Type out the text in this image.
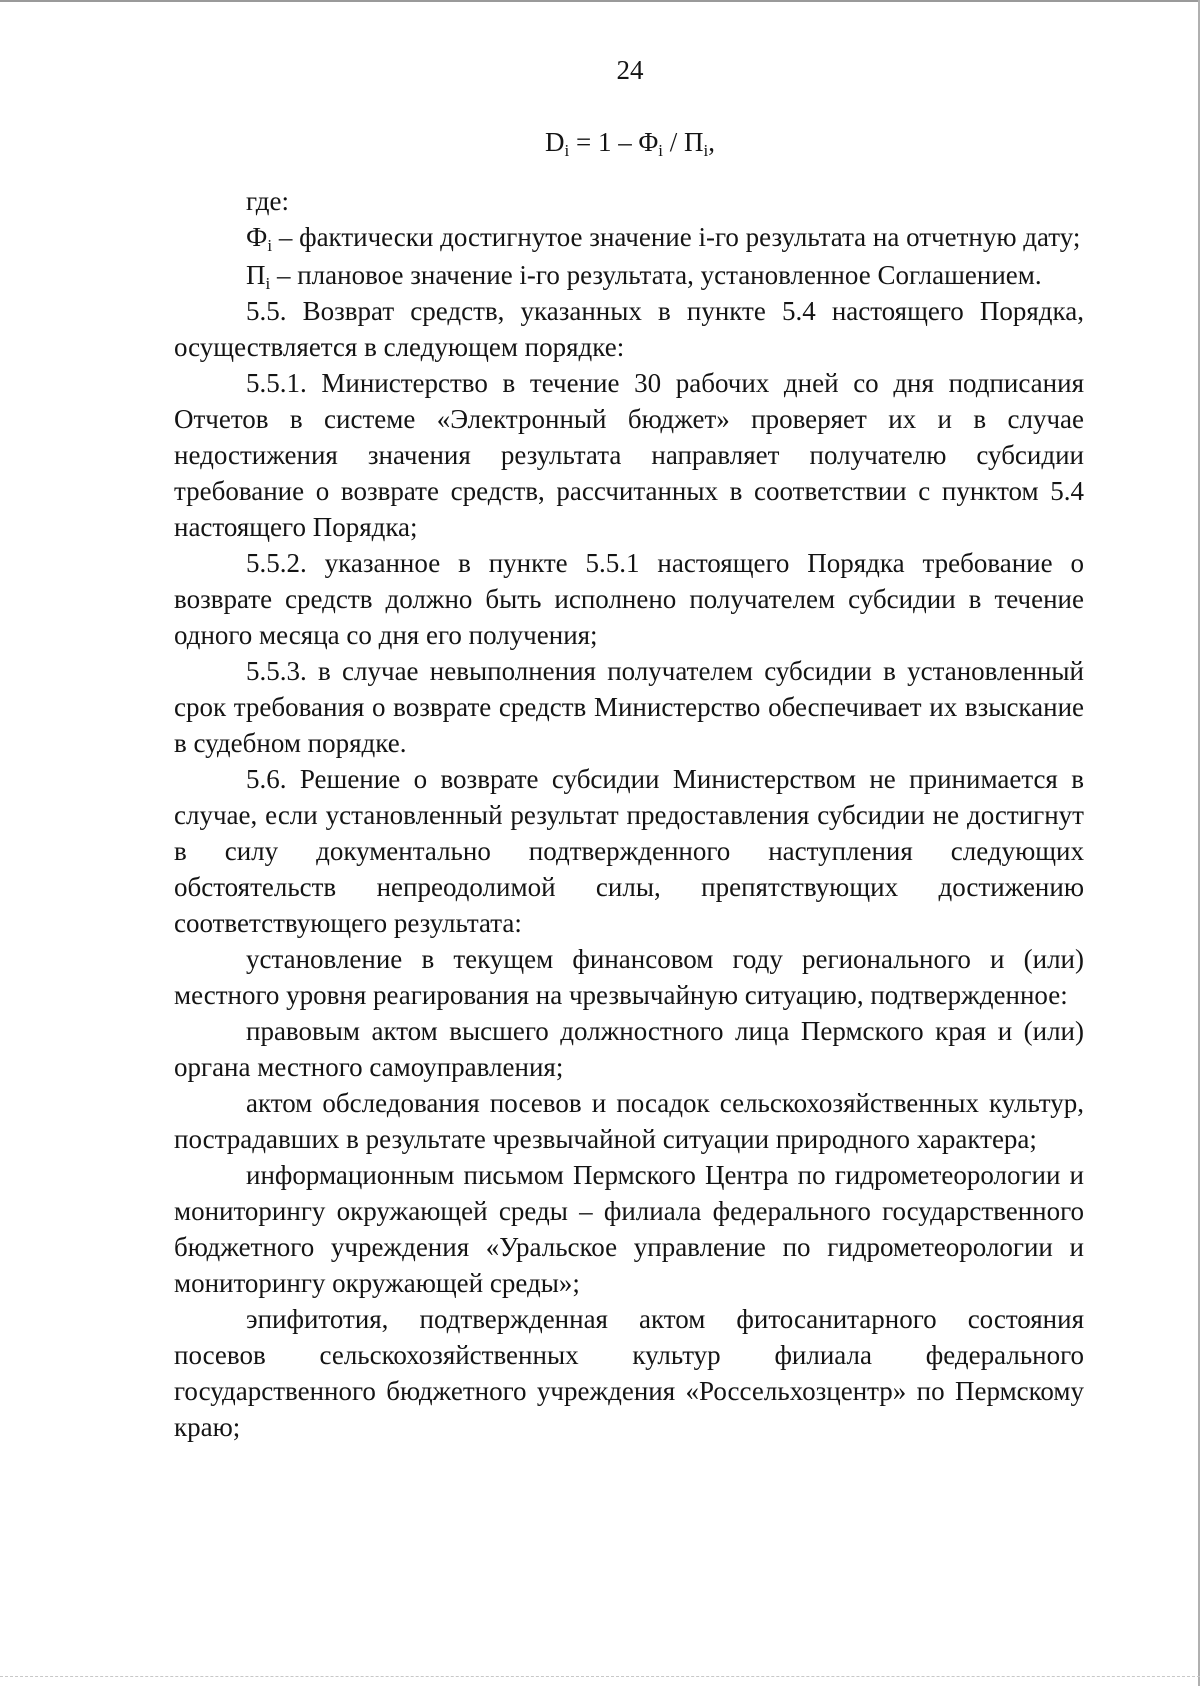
24
$D_i = 1 - \Phi_i / П_i$,

где:

$Ф_i$ – фактически достигнутое значение i-го результата на отчетную дату;

$П_i$ – плановое значение i-го результата, установленное Соглашением.

5.5. Возврат средств, указанных в пункте 5.4 настоящего Порядка, осуществляется в следующем порядке:

5.5.1. Министерство в течение 30 рабочих дней со дня подписания Отчетов в системе «Электронный бюджет» проверяет их и в случае недостижения значения результата направляет получателю субсидии требование о возврате средств, рассчитанных в соответствии с пунктом 5.4 настоящего Порядка;

5.5.2. указанное в пункте 5.5.1 настоящего Порядка требование о возврате средств должно быть исполнено получателем субсидии в течение одного месяца со дня его получения;

5.5.3. в случае невыполнения получателем субсидии в установленный срок требования о возврате средств Министерство обеспечивает их взыскание в судебном порядке.

5.6. Решение о возврате субсидии Министерством не принимается в случае, если установленный результат предоставления субсидии не достигнут в силу документально подтвержденного наступления следующих обстоятельств непреодолимой силы, препятствующих достижению соответствующего результата:

установление в текущем финансовом году регионального и (или) местного уровня реагирования на чрезвычайную ситуацию, подтвержденное:

правовым актом высшего должностного лица Пермского края и (или) органа местного самоуправления;

актом обследования посевов и посадок сельскохозяйственных культур, пострадавших в результате чрезвычайной ситуации природного характера;

информационным письмом Пермского Центра по гидрометеорологии и мониторингу окружающей среды – филиала федерального государственного бюджетного учреждения «Уральское управление по гидрометеорологии и мониторингу окружающей среды»;

эпифитотия, подтвержденная актом фитосанитарного состояния посевов сельскохозяйственных культур филиала федерального государственного бюджетного учреждения «Россельхозцентр» по Пермскому краю;
